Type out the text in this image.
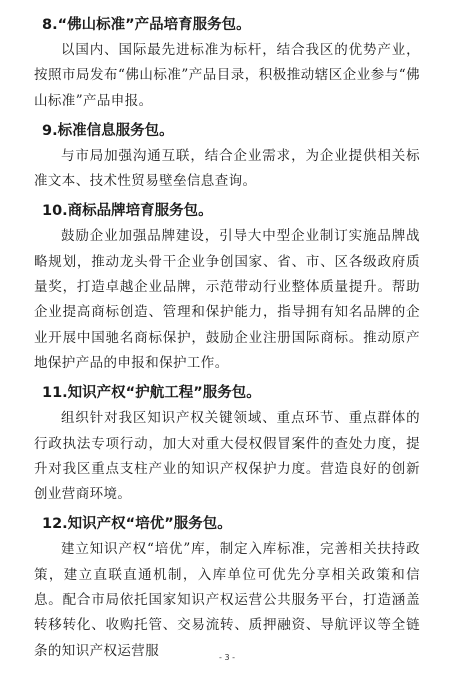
8.“佛山标准”产品培育服务包。

以国内、国际最先进标准为标杆，结合我区的优势产业，按照市局发布“佛山标准”产品目录，积极推动辖区企业参与“佛山标准”产品申报。

9.标准信息服务包。

与市局加强沟通互联，结合企业需求，为企业提供相关标准文本、技术性贸易壁垒信息查询。

10.商标品牌培育服务包。

鼓励企业加强品牌建设，引导大中型企业制订实施品牌战略规划，推动龙头骨干企业争创国家、省、市、区各级政府质量奖，打造卓越企业品牌，示范带动行业整体质量提升。帮助企业提高商标创造、管理和保护能力，指导拥有知名品牌的企业开展中国驰名商标保护，鼓励企业注册国际商标。推动原产地保护产品的申报和保护工作。

11.知识产权“护航工程”服务包。

组织针对我区知识产权关键领域、重点环节、重点群体的行政执法专项行动，加大对重大侵权假冒案件的查处力度，提升对我区重点支柱产业的知识产权保护力度。营造良好的创新创业营商环境。

12.知识产权“培优”服务包。

建立知识产权“培优”库，制定入库标准，完善相关扶持政策，建立直联直通机制，入库单位可优先分享相关政策和信息。配合市局依托国家知识产权运营公共服务平台，打造涵盖转移转化、收购托管、交易流转、质押融资、导航评议等全链条的知识产权运营服	- 3 -
